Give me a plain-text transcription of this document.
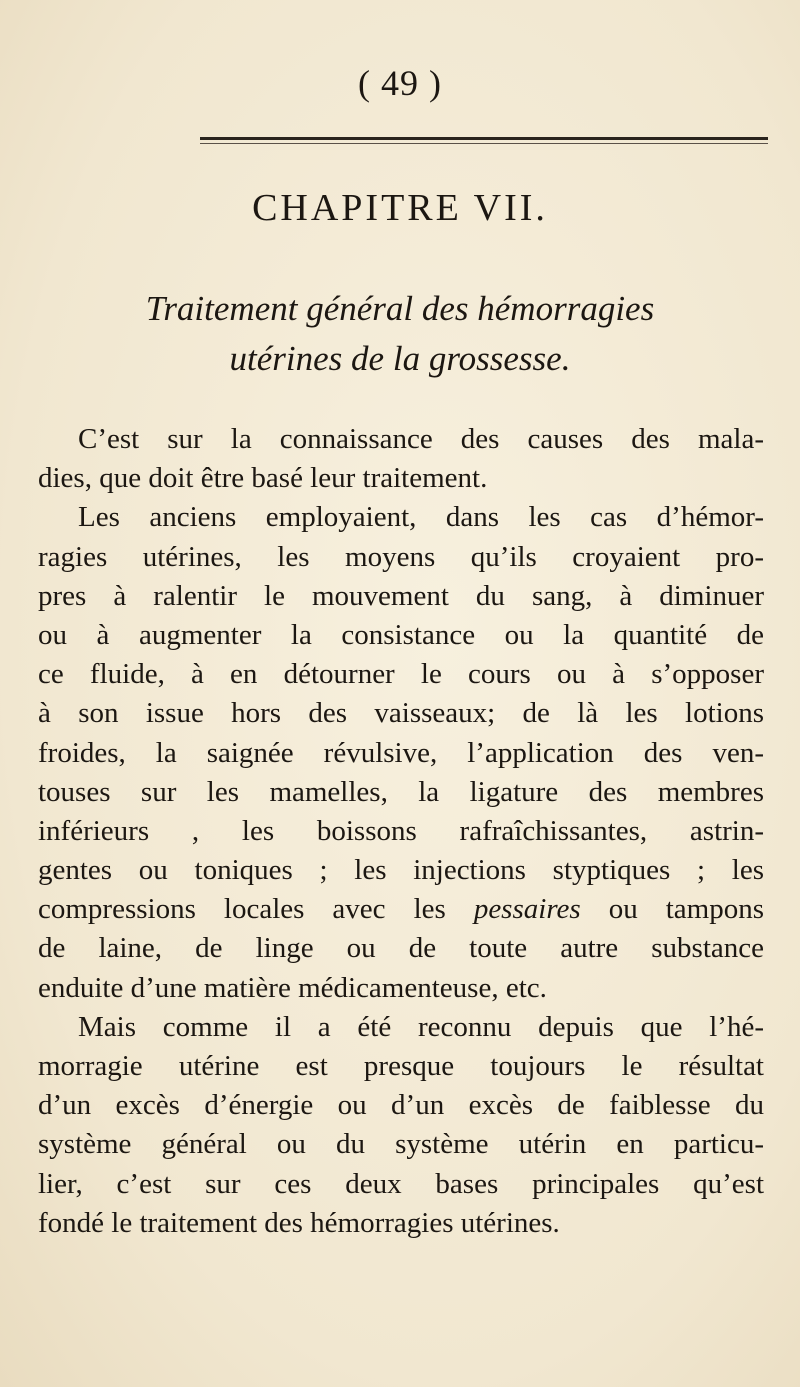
( 49 )
CHAPITRE VII.
Traitement général des hémorragies
utérines de la grossesse.
C’est sur la connaissance des causes des mala-
dies, que doit être basé leur traitement.
Les anciens employaient, dans les cas d’hémor-
ragies utérines, les moyens qu’ils croyaient pro-
pres à ralentir le mouvement du sang, à diminuer
ou à augmenter la consistance ou la quantité de
ce fluide, à en détourner le cours ou à s’opposer
à son issue hors des vaisseaux; de là les lotions
froides, la saignée révulsive, l’application des ven-
touses sur les mamelles, la ligature des membres
inférieurs , les boissons rafraîchissantes, astrin-
gentes ou toniques ; les injections styptiques ; les
compressions locales avec les pessaires ou tampons
de laine, de linge ou de toute autre substance
enduite d’une matière médicamenteuse, etc.
Mais comme il a été reconnu depuis que l’hé-
morragie utérine est presque toujours le résultat
d’un excès d’énergie ou d’un excès de faiblesse du
système général ou du système utérin en particu-
lier, c’est sur ces deux bases principales qu’est
fondé le traitement des hémorragies utérines.
